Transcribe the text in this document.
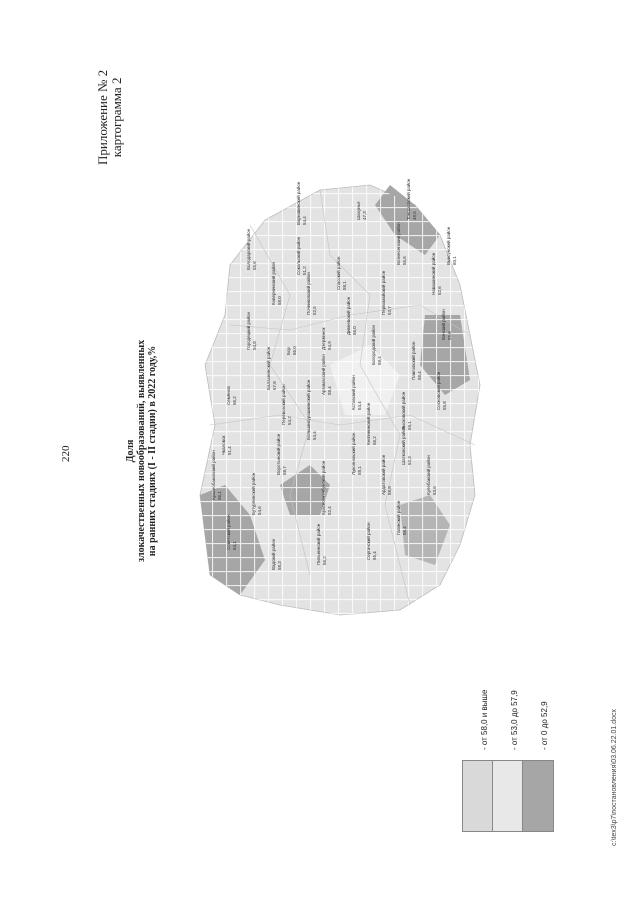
220
Приложение № 2 картограмма 2
Доля злокачественных новообразований, выявленных на ранних стадиях (I - II стадии) в 2022 году,%	Советский район54,1	Вадский район58,3
Пильнинский район56,2
Бутурлинский район54,6
Сергачский район55,4
Краснооктябрьский район52,4	Гагинский район56,4
Воротынский район58,7
Большемурашкинский район54,4	Шатковский район52,3
Лукояновский район58,1
Арзамасский район58,4	Кстовский район54,4
Богородский район58,4	Павловский район58,4	Сосновский район55,8
Вачский район55,6
Навашинский район52,6
Выксунский район60,1
Вознесенский район55,6
Первомайский район53,7
Дивеевский район56,0
Тоншаевский район49,5
Шахунья47,3
Варнавинский район54,4
Ковернинский район58,0
Городецкий район54,8
Семёнов56,2
Балахнинский район57,8
Чкаловск51,4
Сокольский район51,2
Володарский район55,6
Дзержинск54,9
Бор56,0
Краснобаковский район56,1
Лысковский район59,1
Княгининский район56,2
Спасский район58,1
Починковский район52,5
Ардатовский район58,8	Кулебакский район53,6
Перевозский район54,2
- от 58,0 и выше	- от 53,0 до 57,9	- от 0 до 52,9	c:\tex3\p7\постановления\03.06.22.01.docx
